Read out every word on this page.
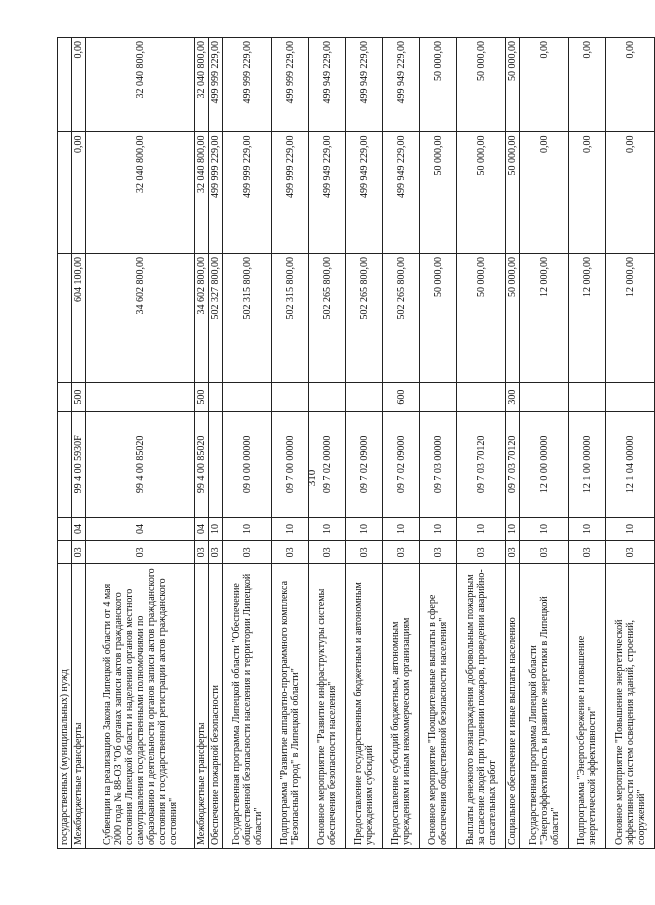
310
государственных (муниципальных) нужд							
Межбюджетные трансферты	03	04	99 4 00 5930F	500	604 100,00	0,00	0,00
Субвенции на реализацию Закона Липецкой области от 4 мая 2000 года № 88-ОЗ "Об органах записи актов гражданского состояния Липецкой области и наделении органов местного самоуправления государственными полномочиями по образованию и деятельности органов записи актов гражданского состояния и государственной регистрации актов гражданского состояния"	03	04	99 4 00 85020		34 602 800,00	32 040 800,00	32 040 800,00
Межбюджетные трансферты	03	04	99 4 00 85020	500	34 602 800,00	32 040 800,00	32 040 800,00
Обеспечение пожарной безопасности	03	10			502 327 800,00	499 999 229,00	499 999 229,00
Государственная программа Липецкой области "Обеспечение общественной безопасности населения и территории Липецкой области"	03	10	09 0 00 00000		502 315 800,00	499 999 229,00	499 999 229,00
Подпрограмма "Развитие аппаратно-программного комплекса "Безопасный город" в Липецкой области"	03	10	09 7 00 00000		502 315 800,00	499 999 229,00	499 999 229,00
Основное мероприятие "Развитие инфраструктуры системы обеспечения безопасности населения"	03	10	09 7 02 00000		502 265 800,00	499 949 229,00	499 949 229,00
Предоставление государственным бюджетным и автономным учреждениям субсидий	03	10	09 7 02 09000		502 265 800,00	499 949 229,00	499 949 229,00
Предоставление субсидий бюджетным, автономным учреждениям и иным некоммерческим организациям	03	10	09 7 02 09000	600	502 265 800,00	499 949 229,00	499 949 229,00
Основное мероприятие "Поощрительные выплаты в сфере обеспечения общественной безопасности населения"	03	10	09 7 03 00000		50 000,00	50 000,00	50 000,00
Выплаты денежного вознаграждения добровольным пожарным за спасение людей при тушении пожаров, проведении аварийно-спасательных работ	03	10	09 7 03 70120		50 000,00	50 000,00	50 000,00
Социальное обеспечение и иные выплаты населению	03	10	09 7 03 70120	300	50 000,00	50 000,00	50 000,00
Государственная программа Липецкой области "Энергоэффективность и развитие энергетики в Липецкой области"	03	10	12 0 00 00000		12 000,00	0,00	0,00
Подпрограмма "Энергосбережение и повышение энергетической эффективности"	03	10	12 1 00 00000		12 000,00	0,00	0,00
Основное мероприятие "Повышение энергетической эффективности систем освещения зданий, строений, сооружений"	03	10	12 1 04 00000		12 000,00	0,00	0,00
